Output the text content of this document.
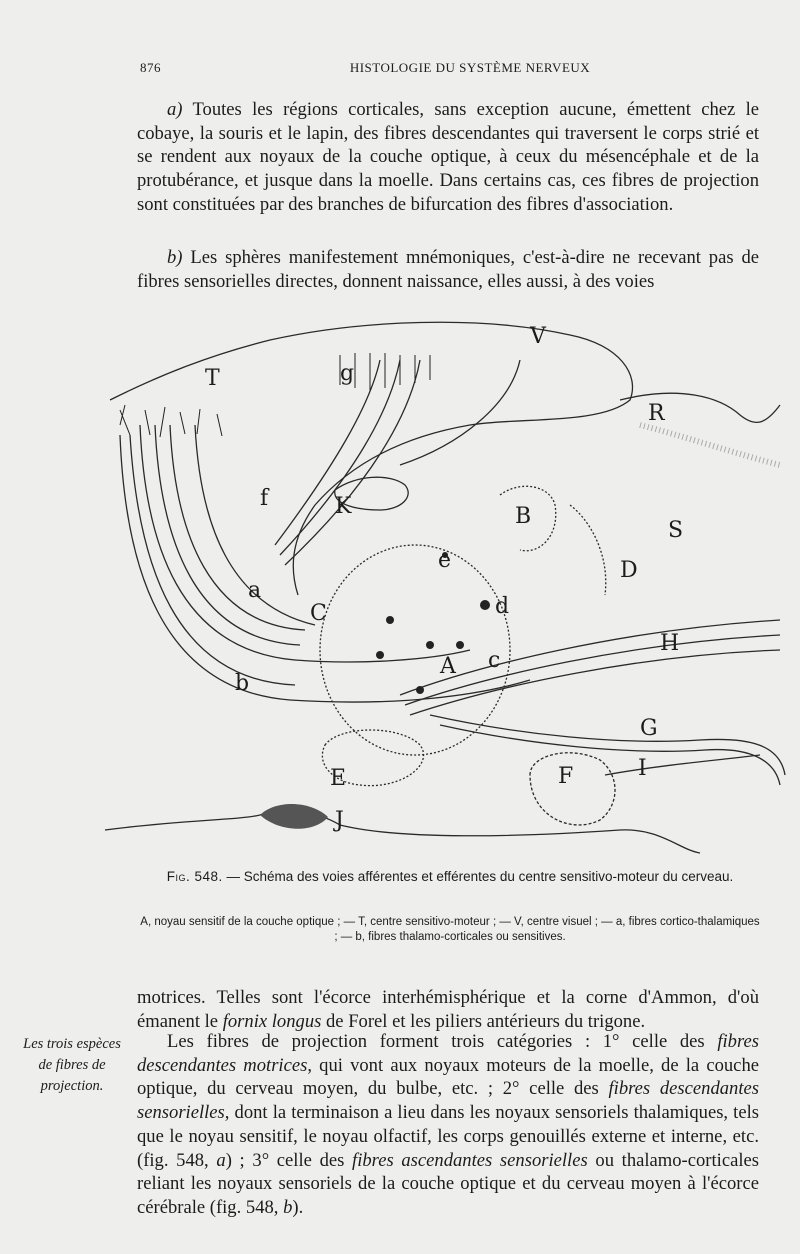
876	HISTOLOGIE DU SYSTÈME NERVEUX

a) Toutes les régions corticales, sans exception aucune, émettent chez le cobaye, la souris et le lapin, des fibres descendantes qui traversent le corps strié et se rendent aux noyaux de la couche optique, à ceux du mésencéphale et de la protubérance, et jusque dans la moelle. Dans certains cas, ces fibres de projection sont constituées par des branches de bifurcation des fibres d'association.

b) Les sphères manifestement mnémoniques, c'est-à-dire ne recevant pas de fibres sensorielles directes, donnent naissance, elles aussi, à des voies

T
V
g
R
f	K	B
S
e	D
a
C	d
H
A c
b
G
I
E	F
J
Fig. 548. — Schéma des voies afférentes et efférentes du centre sensitivo-moteur du cerveau.
A, noyau sensitif de la couche optique ; — T, centre sensitivo-moteur ; — V, centre visuel ; — a, fibres cortico-thalamiques ; — b, fibres thalamo-corticales ou sensitives.

motrices. Telles sont l'écorce interhémisphérique et la corne d'Ammon, d'où émanent le fornix longus de Forel et les piliers antérieurs du trigone.

Les fibres de projection forment trois catégories : 1° celle des fibres descendantes motrices, qui vont aux noyaux moteurs de la moelle, de la couche optique, du cerveau moyen, du bulbe, etc. ; 2° celle des fibres descendantes sensorielles, dont la terminaison a lieu dans les noyaux sensoriels thalamiques, tels que le noyau sensitif, le noyau olfactif, les corps genouillés externe et interne, etc. (fig. 548, a) ; 3° celle des fibres ascendantes sensorielles ou thalamo-corticales reliant les noyaux sensoriels de la couche optique et du cerveau moyen à l'écorce cérébrale (fig. 548, b).

Les trois espèces de fibres de projection.
